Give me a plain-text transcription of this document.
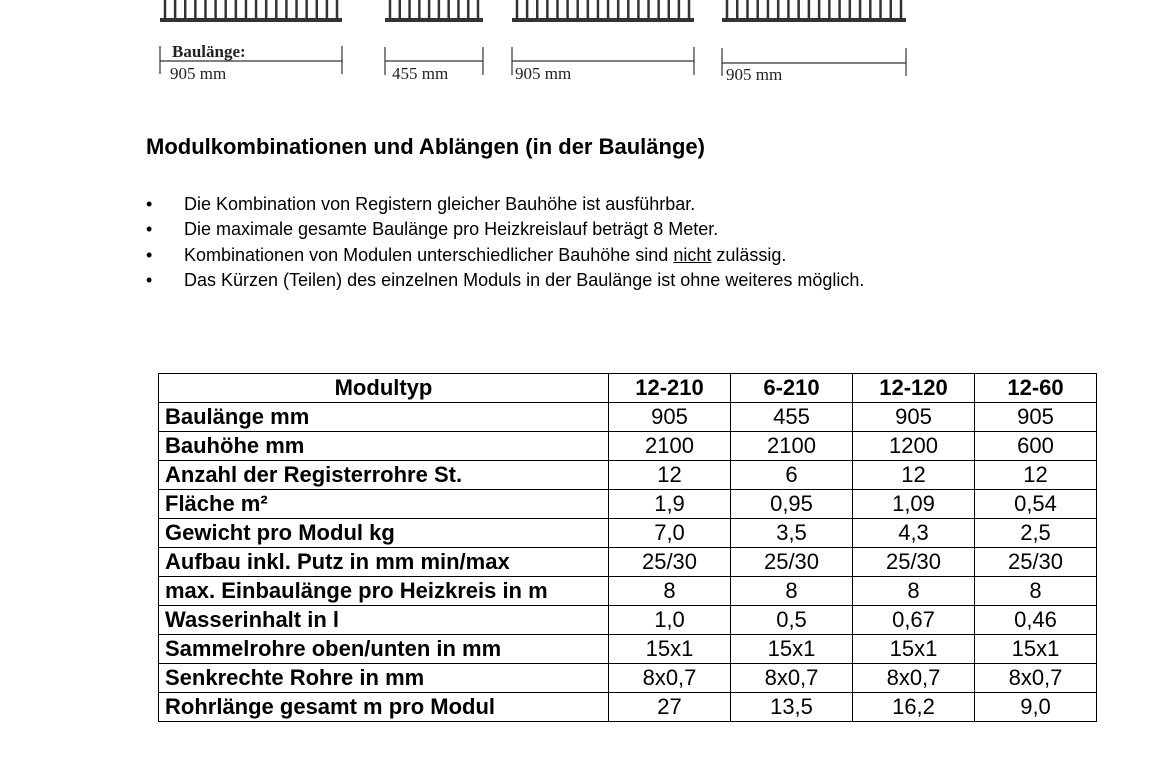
Baulänge:
905 mm	455 mm	905 mm	905 mm
Modulkombinationen und Ablängen (in der Baulänge)
• Die Kombination von Registern gleicher Bauhöhe ist ausführbar.
• Die maximale gesamte Baulänge pro Heizkreislauf beträgt 8 Meter.
• Kombinationen von Modulen unterschiedlicher Bauhöhe sind nicht zulässig.
• Das Kürzen (Teilen) des einzelnen Moduls in der Baulänge ist ohne weiteres möglich.
Modultyp	12-210	6-210	12-120	12-60
Baulänge mm	905	455	905	905
Bauhöhe mm	2100	2100	1200	600
Anzahl der Registerrohre St.	12	6	12	12
Fläche m²	1,9	0,95	1,09	0,54
Gewicht pro Modul kg	7,0	3,5	4,3	2,5
Aufbau inkl. Putz in mm min/max	25/30	25/30	25/30	25/30
max. Einbaulänge pro Heizkreis in m	8	8	8	8
Wasserinhalt in l	1,0	0,5	0,67	0,46
Sammelrohre oben/unten in mm	15x1	15x1	15x1	15x1
Senkrechte Rohre in mm	8x0,7	8x0,7	8x0,7	8x0,7
Rohrlänge gesamt m pro Modul	27	13,5	16,2	9,0
